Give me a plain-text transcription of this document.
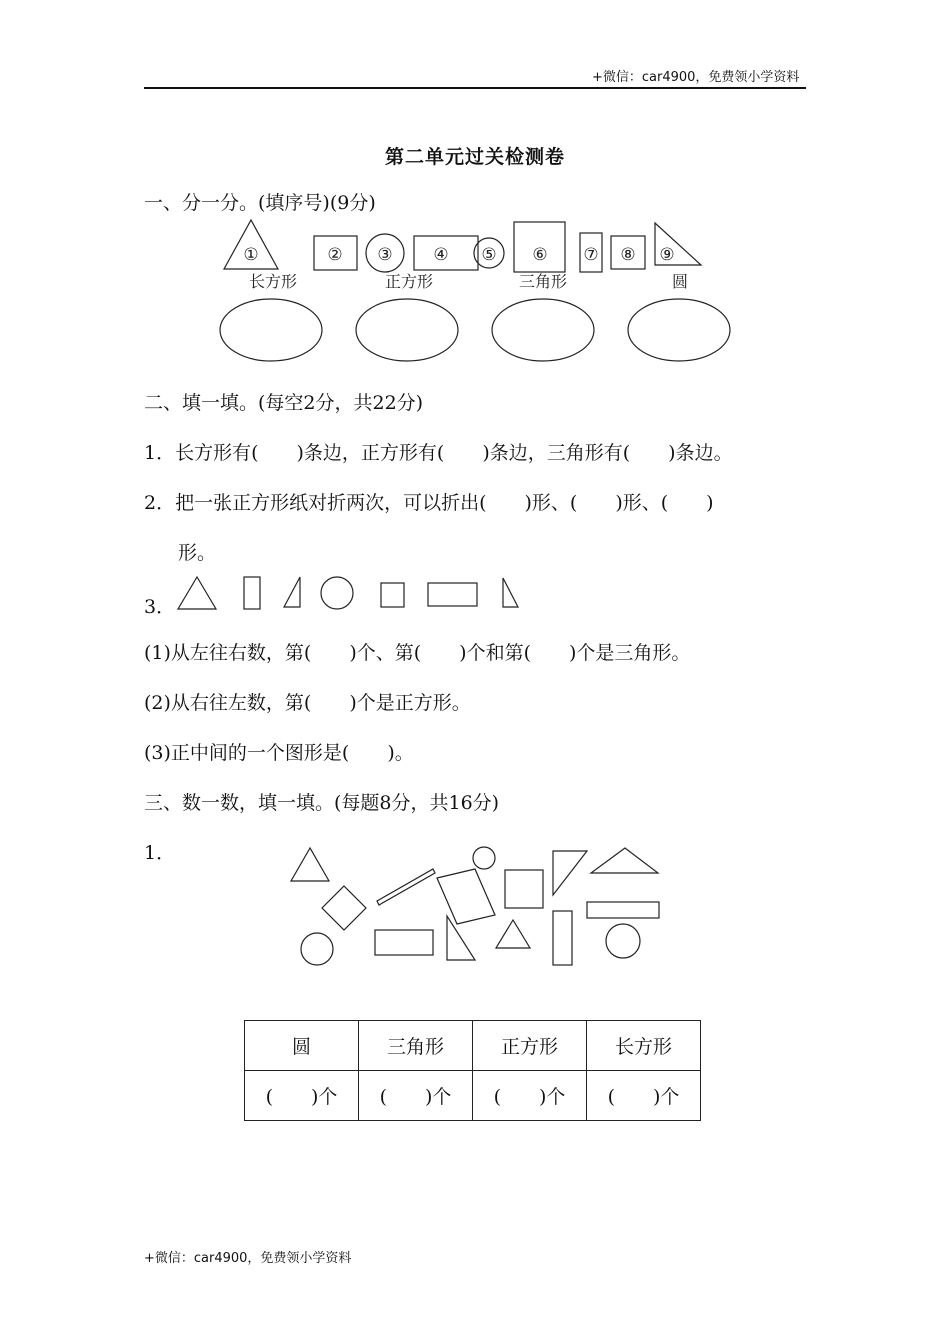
+微信：car4900，免费领小学资料
第二单元过关检测卷
一、分一分。(填序号)(9分)
①	② ③ ④ ⑤ ⑥ ⑦ ⑧ ⑨
长方形	正方形	三角形	圆
二、填一填。(每空2分，共22分)
1．长方形有(　　)条边，正方形有(　　)条边，三角形有(　　)条边。
2．把一张正方形纸对折两次，可以折出(　　)形、(　　)形、(　　)
形。
3．
(1)从左往右数，第(　　)个、第(　　)个和第(　　)个是三角形。
(2)从右往左数，第(　　)个是正方形。
(3)正中间的一个图形是(　　)。
三、数一数，填一填。(每题8分，共16分)
1．
圆	三角形	正方形	长方形
(　　)个	(　　)个	(　　)个	(　　)个
+微信：car4900，免费领小学资料
